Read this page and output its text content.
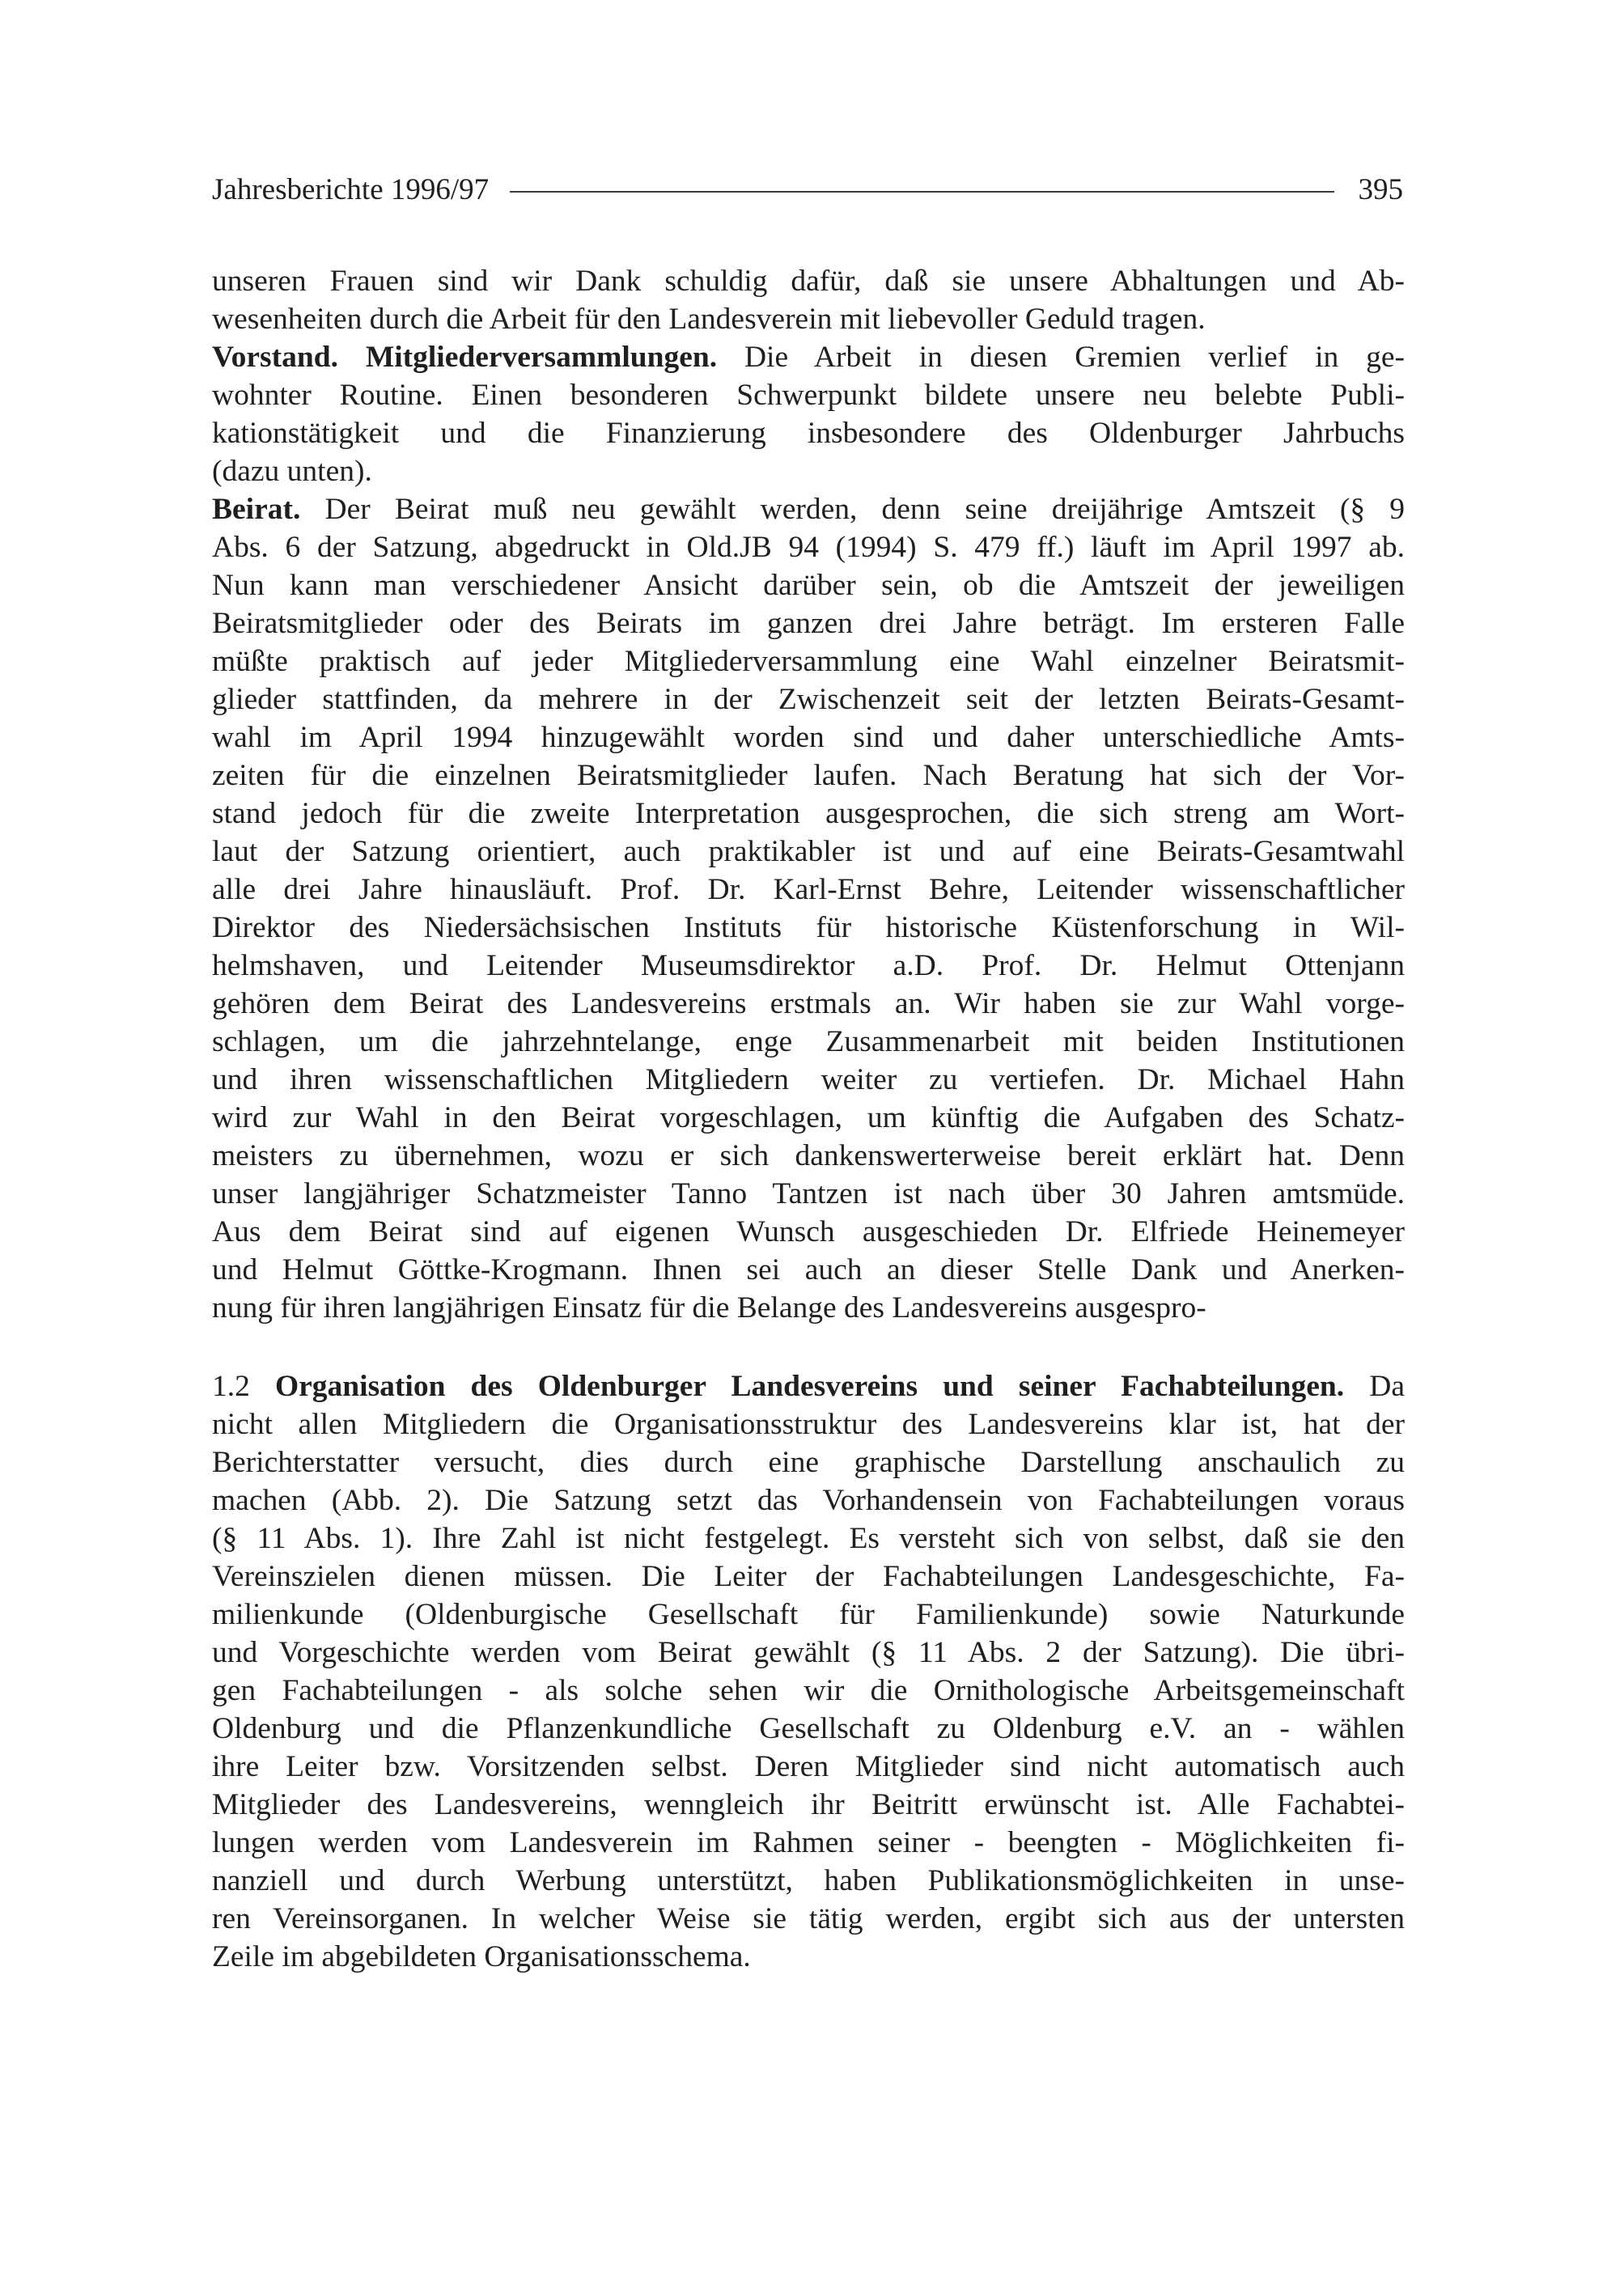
Jahresberichte 1996/97	395
unseren Frauen sind wir Dank schuldig dafür, daß sie unsere Abhaltungen und Ab-
wesenheiten durch die Arbeit für den Landesverein mit liebevoller Geduld tragen.
Vorstand. Mitgliederversammlungen. Die Arbeit in diesen Gremien verlief in ge-
wohnter Routine. Einen besonderen Schwerpunkt bildete unsere neu belebte Publi-
kationstätigkeit und die Finanzierung insbesondere des Oldenburger Jahrbuchs
(dazu unten).
Beirat. Der Beirat muß neu gewählt werden, denn seine dreijährige Amtszeit (§ 9
Abs. 6 der Satzung, abgedruckt in Old.JB 94 (1994) S. 479 ff.) läuft im April 1997 ab.
Nun kann man verschiedener Ansicht darüber sein, ob die Amtszeit der jeweiligen
Beiratsmitglieder oder des Beirats im ganzen drei Jahre beträgt. Im ersteren Falle
müßte praktisch auf jeder Mitgliederversammlung eine Wahl einzelner Beiratsmit-
glieder stattfinden, da mehrere in der Zwischenzeit seit der letzten Beirats-Gesamt-
wahl im April 1994 hinzugewählt worden sind und daher unterschiedliche Amts-
zeiten für die einzelnen Beiratsmitglieder laufen. Nach Beratung hat sich der Vor-
stand jedoch für die zweite Interpretation ausgesprochen, die sich streng am Wort-
laut der Satzung orientiert, auch praktikabler ist und auf eine Beirats-Gesamtwahl
alle drei Jahre hinausläuft. Prof. Dr. Karl-Ernst Behre, Leitender wissenschaftlicher
Direktor des Niedersächsischen Instituts für historische Küstenforschung in Wil-
helmshaven, und Leitender Museumsdirektor a.D. Prof. Dr. Helmut Ottenjann
gehören dem Beirat des Landesvereins erstmals an. Wir haben sie zur Wahl vorge-
schlagen, um die jahrzehntelange, enge Zusammenarbeit mit beiden Institutionen
und ihren wissenschaftlichen Mitgliedern weiter zu vertiefen. Dr. Michael Hahn
wird zur Wahl in den Beirat vorgeschlagen, um künftig die Aufgaben des Schatz-
meisters zu übernehmen, wozu er sich dankenswerterweise bereit erklärt hat. Denn
unser langjähriger Schatzmeister Tanno Tantzen ist nach über 30 Jahren amtsmüde.
Aus dem Beirat sind auf eigenen Wunsch ausgeschieden Dr. Elfriede Heinemeyer
und Helmut Göttke-Krogmann. Ihnen sei auch an dieser Stelle Dank und Anerken-
nung für ihren langjährigen Einsatz für die Belange des Landesvereins ausgespro-
1.2 Organisation des Oldenburger Landesvereins und seiner Fachabteilungen. Da
nicht allen Mitgliedern die Organisationsstruktur des Landesvereins klar ist, hat der
Berichterstatter versucht, dies durch eine graphische Darstellung anschaulich zu
machen (Abb. 2). Die Satzung setzt das Vorhandensein von Fachabteilungen voraus
(§ 11 Abs. 1). Ihre Zahl ist nicht festgelegt. Es versteht sich von selbst, daß sie den
Vereinszielen dienen müssen. Die Leiter der Fachabteilungen Landesgeschichte, Fa-
milienkunde (Oldenburgische Gesellschaft für Familienkunde) sowie Naturkunde
und Vorgeschichte werden vom Beirat gewählt (§ 11 Abs. 2 der Satzung). Die übri-
gen Fachabteilungen - als solche sehen wir die Ornithologische Arbeitsgemeinschaft
Oldenburg und die Pflanzenkundliche Gesellschaft zu Oldenburg e.V. an - wählen
ihre Leiter bzw. Vorsitzenden selbst. Deren Mitglieder sind nicht automatisch auch
Mitglieder des Landesvereins, wenngleich ihr Beitritt erwünscht ist. Alle Fachabtei-
lungen werden vom Landesverein im Rahmen seiner - beengten - Möglichkeiten fi-
nanziell und durch Werbung unterstützt, haben Publikationsmöglichkeiten in unse-
ren Vereinsorganen. In welcher Weise sie tätig werden, ergibt sich aus der untersten
Zeile im abgebildeten Organisationsschema.
